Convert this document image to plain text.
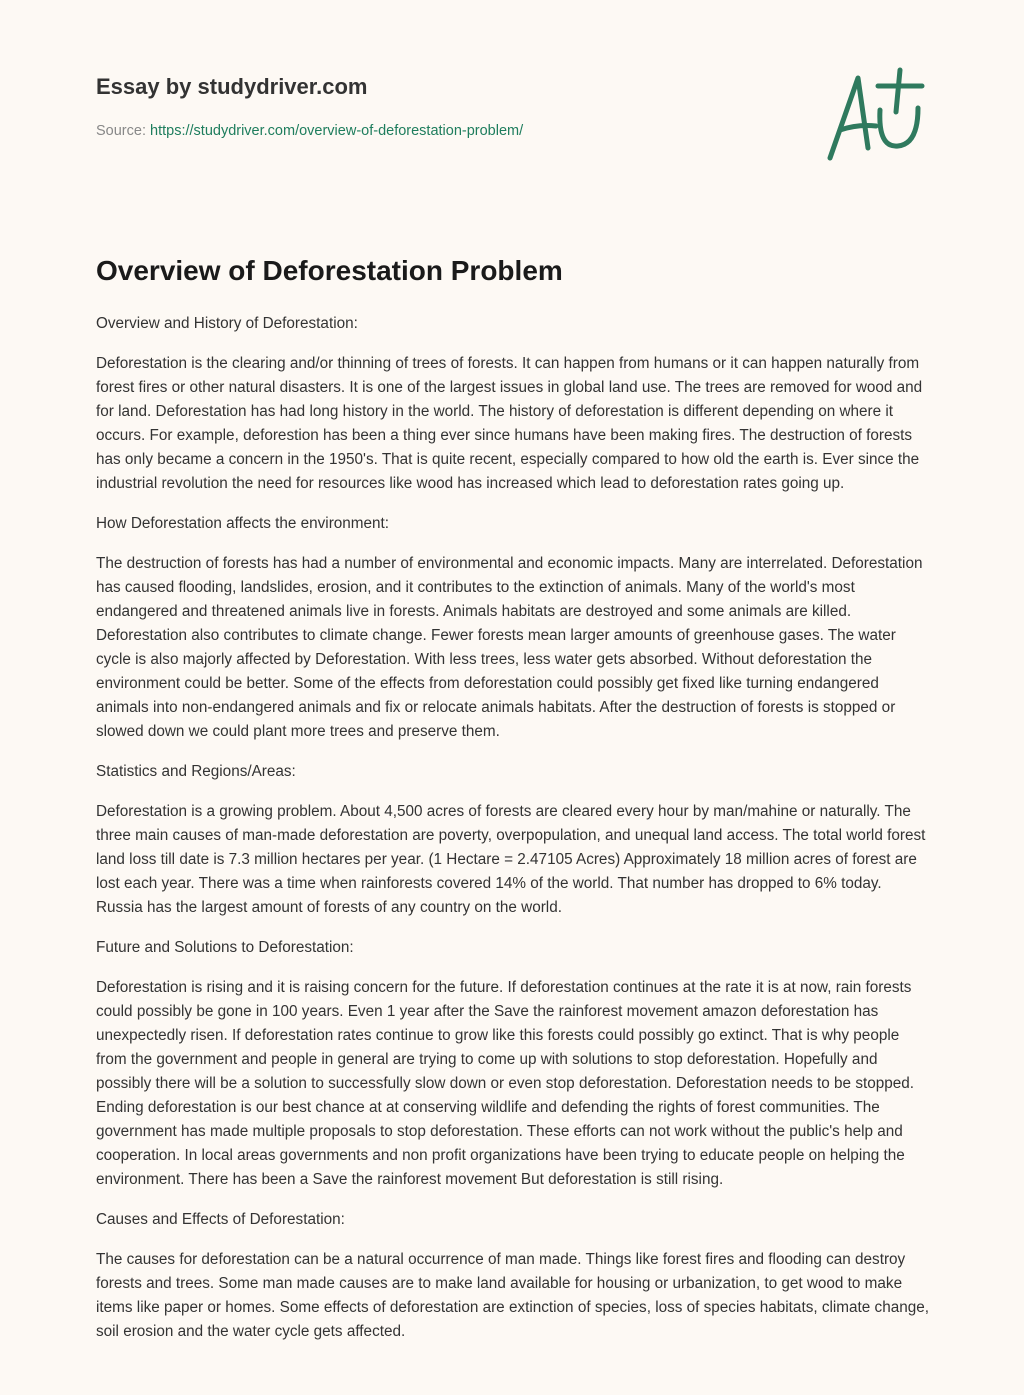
Essay by studydriver.com
Source: https://studydriver.com/overview-of-deforestation-problem/
Overview of Deforestation Problem

Overview and History of Deforestation:

Deforestation is the clearing and/or thinning of trees of forests. It can happen from humans or it can happen naturally from forest fires or other natural disasters. It is one of the largest issues in global land use. The trees are removed for wood and for land. Deforestation has had long history in the world. The history of deforestation is different depending on where it occurs. For example, deforestion has been a thing ever since humans have been making fires. The destruction of forests has only became a concern in the 1950's. That is quite recent, especially compared to how old the earth is. Ever since the industrial revolution the need for resources like wood has increased which lead to deforestation rates going up.

How Deforestation affects the environment:

The destruction of forests has had a number of environmental and economic impacts. Many are interrelated. Deforestation has caused flooding, landslides, erosion, and it contributes to the extinction of animals. Many of the world's most endangered and threatened animals live in forests. Animals habitats are destroyed and some animals are killed. Deforestation also contributes to climate change. Fewer forests mean larger amounts of greenhouse gases. The water cycle is also majorly affected by Deforestation. With less trees, less water gets absorbed. Without deforestation the environment could be better. Some of the effects from deforestation could possibly get fixed like turning endangered animals into non-endangered animals and fix or relocate animals habitats. After the destruction of forests is stopped or slowed down we could plant more trees and preserve them.

Statistics and Regions/Areas:

Deforestation is a growing problem. About 4,500 acres of forests are cleared every hour by man/mahine or naturally. The three main causes of man-made deforestation are poverty, overpopulation, and unequal land access. The total world forest land loss till date is 7.3 million hectares per year. (1 Hectare = 2.47105 Acres) Approximately 18 million acres of forest are lost each year. There was a time when rainforests covered 14% of the world. That number has dropped to 6% today. Russia has the largest amount of forests of any country on the world.

Future and Solutions to Deforestation:

Deforestation is rising and it is raising concern for the future. If deforestation continues at the rate it is at now, rain forests could possibly be gone in 100 years. Even 1 year after the Save the rainforest movement amazon deforestation has unexpectedly risen. If deforestation rates continue to grow like this forests could possibly go extinct. That is why people from the government and people in general are trying to come up with solutions to stop deforestation. Hopefully and possibly there will be a solution to successfully slow down or even stop deforestation. Deforestation needs to be stopped. Ending deforestation is our best chance at at conserving wildlife and defending the rights of forest communities. The government has made multiple proposals to stop deforestation. These efforts can not work without the public's help and cooperation. In local areas governments and non profit organizations have been trying to educate people on helping the environment. There has been a Save the rainforest movement But deforestation is still rising.

Causes and Effects of Deforestation:

The causes for deforestation can be a natural occurrence of man made. Things like forest fires and flooding can destroy forests and trees. Some man made causes are to make land available for housing or urbanization, to get wood to make items like paper or homes. Some effects of deforestation are extinction of species, loss of species habitats, climate change, soil erosion and the water cycle gets affected.
